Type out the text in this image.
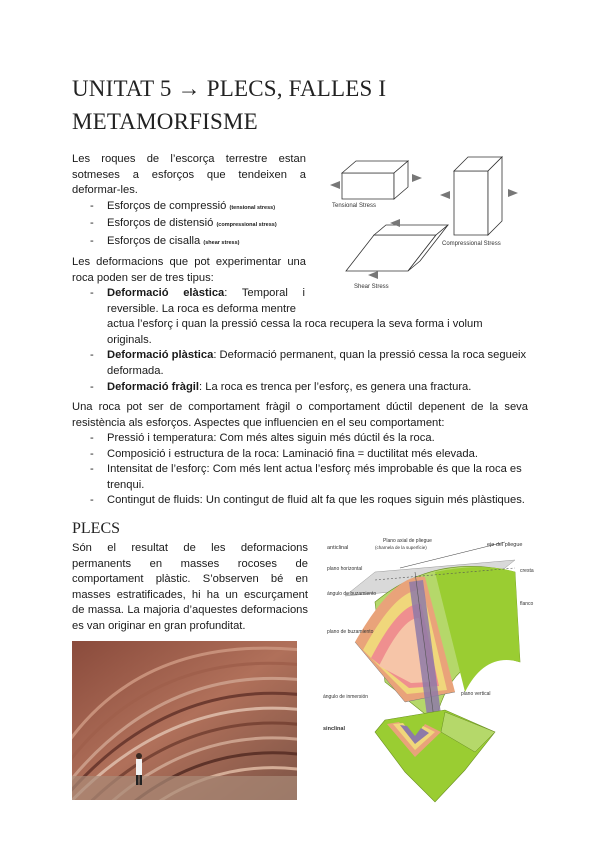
UNITAT 5 → PLECS, FALLES I METAMORFISME

Les roques de l’escorça terrestre estan sotmeses a esforços que tendeixen a deformar-les.

- Esforços de compressió (tensional stress)
- Esforços de distensió (compressional stress)
- Esforços de cisalla (shear stress)
Tensional Stress
Compressional Stress
Shear Stress

Les deformacions que pot experimentar una roca poden ser de tres tipus:

- Deformació elàstica: Temporal i reversible. La roca es deforma mentre
actua l’esforç i quan la pressió cessa la roca recupera la seva forma i volum originals.
- Deformació plàstica: Deformació permanent, quan la pressió cessa la roca segueix deformada.
- Deformació fràgil: La roca es trenca per l’esforç, es genera una fractura.

Una roca pot ser de comportament fràgil o comportament dúctil depenent de la seva resistència als esforços. Aspectes que influencien en el seu comportament:

- Pressió i temperatura: Com més altes siguin més dúctil és la roca.
- Composició i estructura de la roca: Laminació fina = ductilitat més elevada.
- Intensitat de l’esforç: Com més lent actua l’esforç més improbable és que la roca es trenqui.
- Contingut de fluids: Un contingut de fluid alt fa que les roques siguin més plàstiques.
PLECS

Són el resultat de les deformacions permanents en masses rocoses de comportament plàstic. S’observen bé en masses estratificades, hi ha un escurçament de massa. La majoria d’aquestes deformacions es van originar en gran profunditat.

anticlinal
Plano axial de pliegue
(charnela de la superficie)	eje del pliegue
cresta
flanco
plano horizontal
ángulo de buzamiento
plano de buzamiento
ángulo de inmersión	plano vertical
sinclinal
